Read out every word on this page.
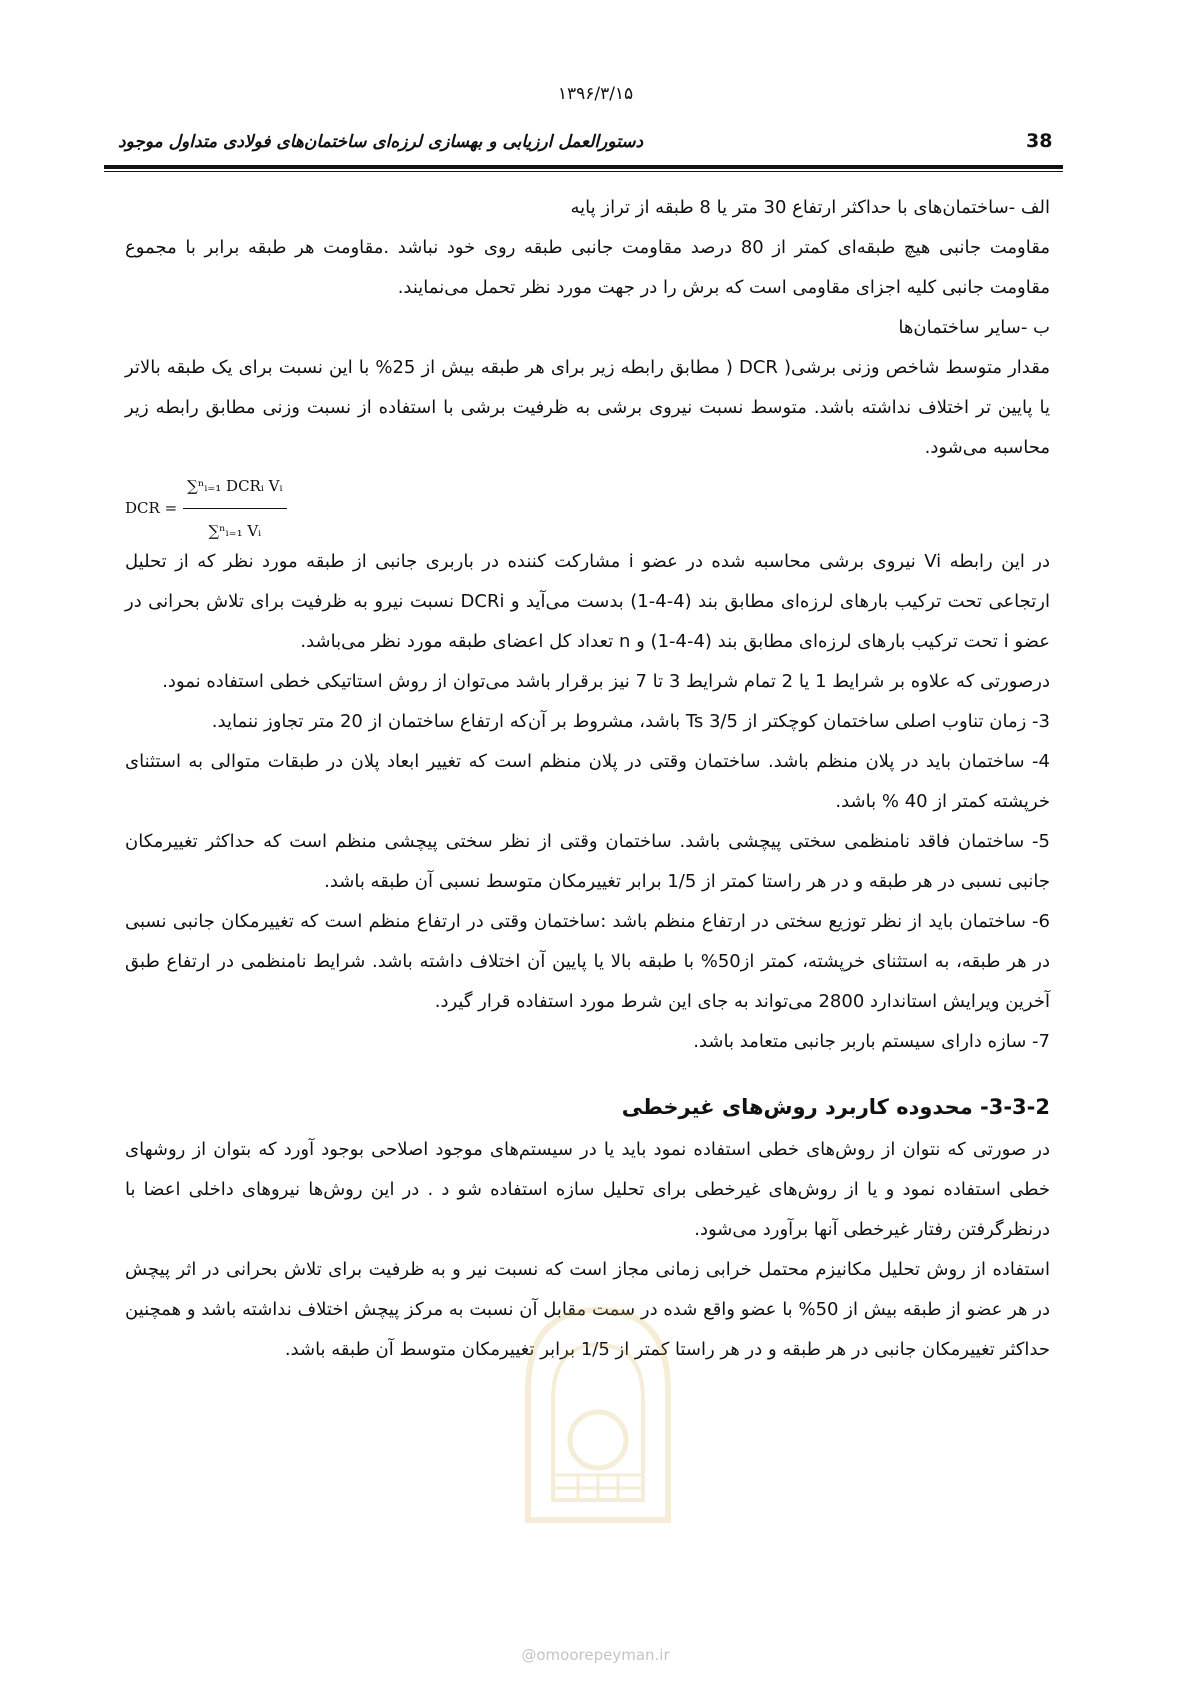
۱۳۹۶/۳/۱۵
دستورالعمل ارزیابی و بهسازی لرزه‌ای ساختمان‌های فولادی متداول موجود	38

الف -ساختمان‌های با حداکثر ارتفاع 30 متر یا 8 طبقه از تراز پایه

مقاومت جانبی هیچ طبقه‌ای کمتر از 80 درصد مقاومت جانبی طبقه روی خود نباشد .مقاومت هر طبقه برابر با مجموع مقاومت جانبی کلیه اجزای مقاومی است که برش را در جهت مورد نظر تحمل می‌نمایند.

ب -سایر ساختمان‌ها

مقدار متوسط شاخص وزنی برشی( DCR ( مطابق رابطه زیر برای هر طبقه بیش از 25% با این نسبت برای یک طبقه بالاتر یا پایین تر اختلاف نداشته باشد. متوسط نسبت نیروی برشی به ظرفیت برشی با استفاده از نسبت وزنی مطابق رابطه زیر محاسبه می‌شود.

DCR = $\frac{\text{∑ⁿᵢ₌₁ DCRᵢ Vᵢ}}{\text{∑ⁿᵢ₌₁ Vᵢ}}$

در این رابطه Vi نیروی برشی محاسبه شده در عضو i مشارکت کننده در باربری جانبی از طبقه مورد نظر که از تحلیل ارتجاعی تحت ترکیب بارهای لرزه‌ای مطابق بند (4-4-1) بدست می‌آید و DCRi نسبت نیرو به ظرفیت برای تلاش بحرانی در عضو i تحت ترکیب بارهای لرزه‌ای مطابق بند (4-4-1) و n تعداد کل اعضای طبقه مورد نظر می‌باشد.

درصورتی که علاوه بر شرایط 1 یا 2 تمام شرایط 3 تا 7 نیز برقرار باشد می‌توان از روش استاتیکی خطی استفاده نمود.

3- زمان تناوب اصلی ساختمان کوچکتر از 3/5 Ts باشد، مشروط بر آن‌که ارتفاع ساختمان از 20 متر تجاوز ننماید.

4- ساختمان باید در پلان منظم باشد. ساختمان وقتی در پلان منظم است که تغییر ابعاد پلان در طبقات متوالی به استثنای خرپشته کمتر از 40 % باشد.

5- ساختمان فاقد نامنظمی سختی پیچشی باشد. ساختمان وقتی از نظر سختی پیچشی منظم است که حداکثر تغییرمکان جانبی نسبی در هر طبقه و در هر راستا کمتر از 1/5 برابر تغییرمکان متوسط نسبی آن طبقه باشد.

6- ساختمان باید از نظر توزیع سختی در ارتفاع منظم باشد :ساختمان وقتی در ارتفاع منظم است که تغییرمکان جانبی نسبی در هر طبقه، به استثنای خرپشته، کمتر از50% با طبقه بالا یا پایین آن اختلاف داشته باشد. شرایط نامنظمی در ارتفاع طبق آخرین ویرایش استاندارد 2800 می‌تواند به جای این شرط مورد استفاده قرار گیرد.

7- سازه دارای سیستم باربر جانبی متعامد باشد.

3-3-2- محدوده کاربرد روش‌های غیرخطی

در صورتی که نتوان از روش‌های خطی استفاده نمود باید یا در سیستم‌های موجود اصلاحی بوجود آورد که بتوان از روشهای خطی استفاده نمود و یا از روش‌های غیرخطی برای تحلیل سازه استفاده شو د . در این روش‌ها نیروهای داخلی اعضا با درنظرگرفتن رفتار غیرخطی آنها برآورد می‌شود.

استفاده از روش تحلیل مکانیزم محتمل خرابی زمانی مجاز است که نسبت نیر و به ظرفیت برای تلاش بحرانی در اثر پیچش در هر عضو از طبقه بیش از 50% با عضو واقع شده در سمت مقابل آن نسبت به مرکز پیچش اختلاف نداشته باشد و همچنین حداکثر تغییرمکان جانبی در هر طبقه و در هر راستا کمتر از 1/5 برابر تغییرمکان متوسط آن طبقه باشد.

@omoorepeyman.ir
